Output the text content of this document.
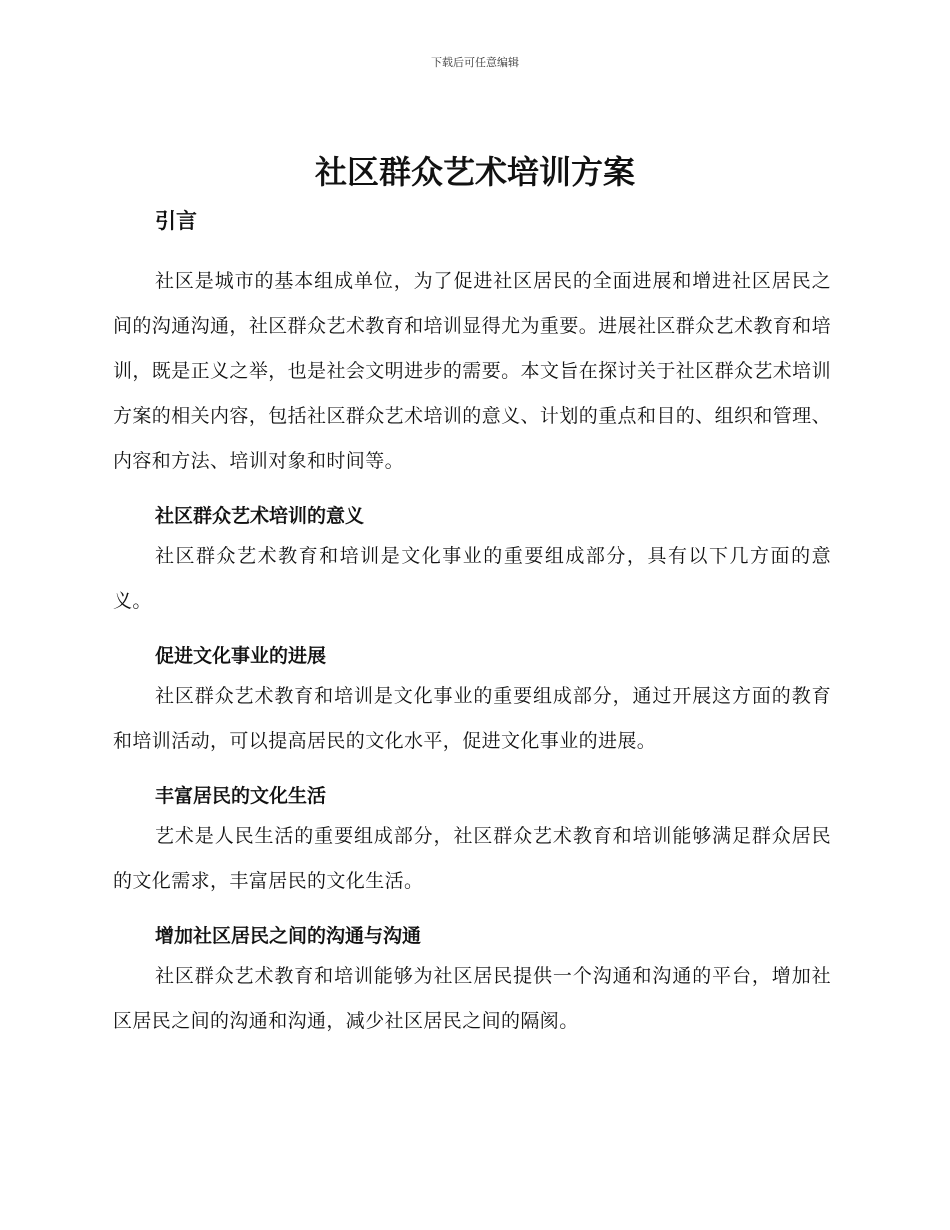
下载后可任意编辑
社区群众艺术培训方案
引言

社区是城市的基本组成单位，为了促进社区居民的全面进展和增进社区居民之间的沟通沟通，社区群众艺术教育和培训显得尤为重要。进展社区群众艺术教育和培训，既是正义之举，也是社会文明进步的需要。本文旨在探讨关于社区群众艺术培训方案的相关内容，包括社区群众艺术培训的意义、计划的重点和目的、组织和管理、内容和方法、培训对象和时间等。

社区群众艺术培训的意义

社区群众艺术教育和培训是文化事业的重要组成部分，具有以下几方面的意义。

促进文化事业的进展

社区群众艺术教育和培训是文化事业的重要组成部分，通过开展这方面的教育和培训活动，可以提高居民的文化水平，促进文化事业的进展。

丰富居民的文化生活

艺术是人民生活的重要组成部分，社区群众艺术教育和培训能够满足群众居民的文化需求，丰富居民的文化生活。

增加社区居民之间的沟通与沟通

社区群众艺术教育和培训能够为社区居民提供一个沟通和沟通的平台，增加社区居民之间的沟通和沟通，减少社区居民之间的隔阂。
